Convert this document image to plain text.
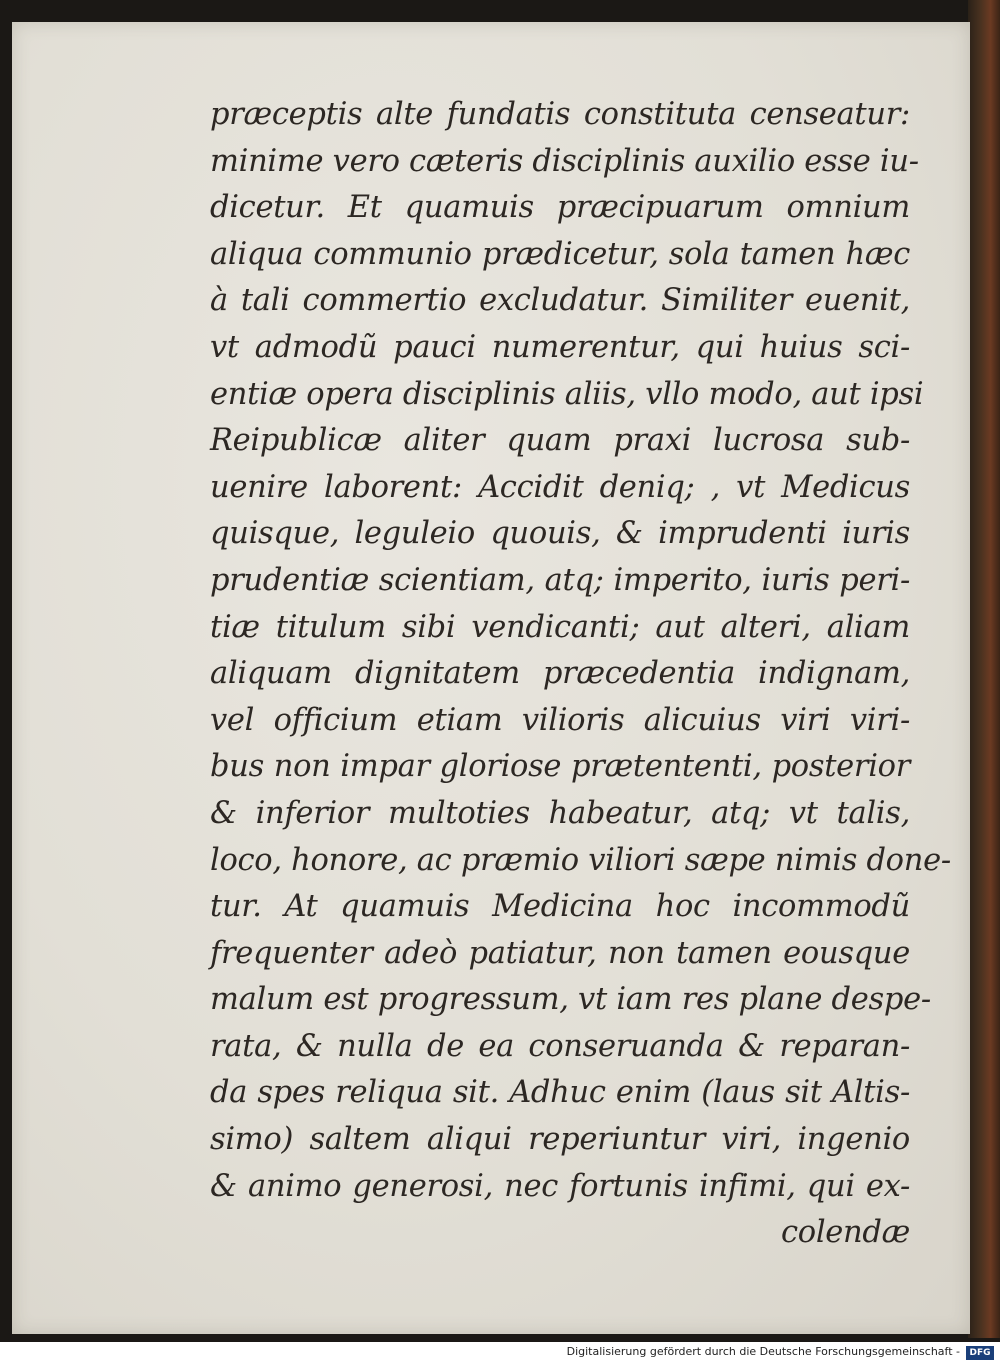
præceptis alte fundatis constituta censeatur:
minime vero cæteris disciplinis auxilio esse iu-
dicetur. Et quamuis præcipuarum omnium
aliqua communio prædicetur, sola tamen hæc
à tali commertio excludatur. Similiter euenit,
vt admodũ pauci numerentur, qui huius sci-
entiæ opera disciplinis aliis, vllo modo, aut ipsi
Reipublicæ aliter quam praxi lucrosa sub-
uenire laborent: Accidit deniq; , vt Medicus
quisque, leguleio quouis, & imprudenti iuris
prudentiæ scientiam, atq; imperito, iuris peri-
tiæ titulum sibi vendicanti; aut alteri, aliam
aliquam dignitatem præcedentia indignam,
vel officium etiam vilioris alicuius viri viri-
bus non impar gloriose prætententi, posterior
& inferior multoties habeatur, atq; vt talis,
loco, honore, ac præmio viliori sæpe nimis done-
tur. At quamuis Medicina hoc incommodũ
frequenter adeò patiatur, non tamen eousque
malum est progressum, vt iam res plane despe-
rata, & nulla de ea conseruanda & reparan-
da spes reliqua sit. Adhuc enim (laus sit Altis-
simo) saltem aliqui reperiuntur viri, ingenio
& animo generosi, nec fortunis infimi, qui ex-
colendæ
Digitalisierung gefördert durch die Deutsche Forschungsgemeinschaft -	DFG
